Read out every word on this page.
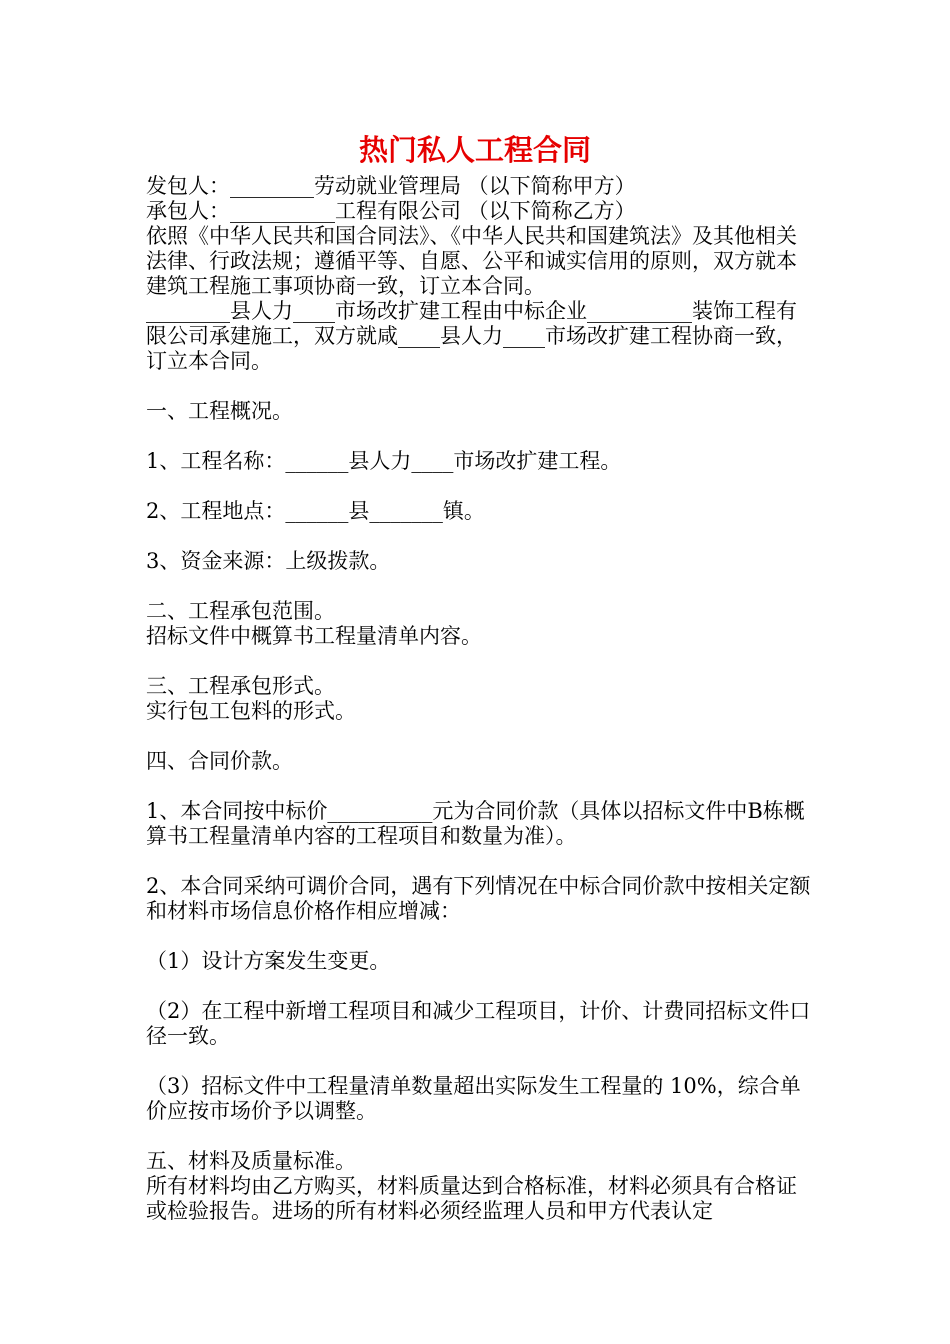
热门私人工程合同

发包人：________劳动就业管理局 （以下简称甲方）

承包人：__________工程有限公司 （以下简称乙方）

依照《中华人民共和国合同法》、《中华人民共和国建筑法》及其他相关法律、行政法规；遵循平等、自愿、公平和诚实信用的原则，双方就本建筑工程施工事项协商一致，订立本合同。

________县人力____市场改扩建工程由中标企业__________装饰工程有限公司承建施工，双方就咸____县人力____市场改扩建工程协商一致，订立本合同。

一、工程概况。

1、工程名称：______县人力____市场改扩建工程。

2、工程地点：______县_______镇。

3、资金来源：上级拨款。

二、工程承包范围。

招标文件中概算书工程量清单内容。

三、工程承包形式。

实行包工包料的形式。

四、合同价款。

1、本合同按中标价__________元为合同价款（具体以招标文件中B栋概算书工程量清单内容的工程项目和数量为准）。

2、本合同采纳可调价合同，遇有下列情况在中标合同价款中按相关定额和材料市场信息价格作相应增减：

（1）设计方案发生变更。

（2）在工程中新增工程项目和减少工程项目，计价、计费同招标文件口径一致。

（3）招标文件中工程量清单数量超出实际发生工程量的 10%，综合单价应按市场价予以调整。

五、材料及质量标准。

所有材料均由乙方购买，材料质量达到合格标准，材料必须具有合格证或检验报告。进场的所有材料必须经监理人员和甲方代表认定
